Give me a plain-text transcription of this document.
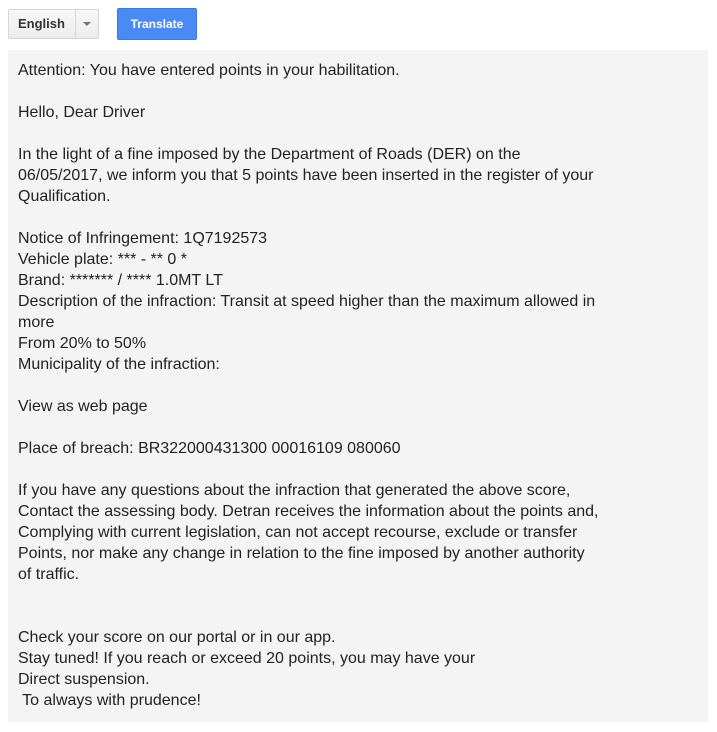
English	Translate
Attention: You have entered points in your habilitation.
Hello, Dear Driver
In the light of a fine imposed by the Department of Roads (DER) on the
06/05/2017, we inform you that 5 points have been inserted in the register of your
Qualification.
Notice of Infringement: 1Q7192573
Vehicle plate: *** - ** 0 *
Brand: ******* / **** 1.0MT LT
Description of the infraction: Transit at speed higher than the maximum allowed in
more
From 20% to 50%
Municipality of the infraction:
View as web page
Place of breach: BR322000431300 00016109 080060
If you have any questions about the infraction that generated the above score,
Contact the assessing body. Detran receives the information about the points and,
Complying with current legislation, can not accept recourse, exclude or transfer
Points, nor make any change in relation to the fine imposed by another authority
of traffic.
Check your score on our portal or in our app.
Stay tuned! If you reach or exceed 20 points, you may have your
Direct suspension.
To always with prudence!
